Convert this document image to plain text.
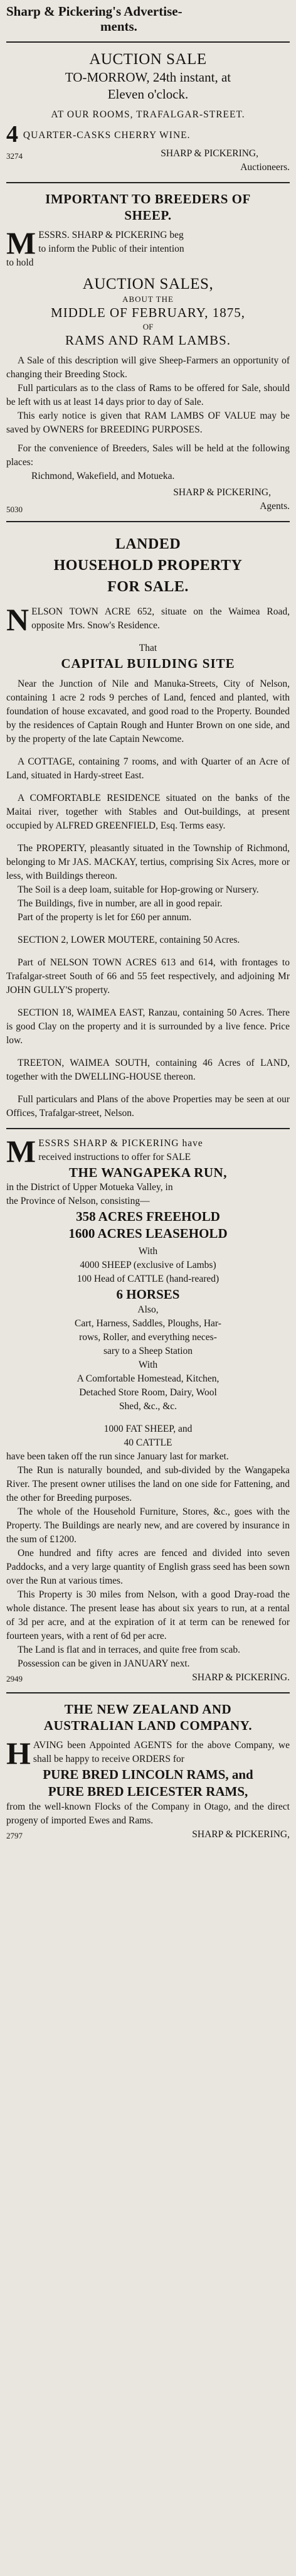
Sharp & Pickering's Advertise-

ments.

AUCTION SALE

TO-MORROW, 24th instant, at

Eleven o'clock.

AT OUR ROOMS, TRAFALGAR-STREET.

4 QUARTER-CASKS CHERRY WINE.

3274	SHARP & PICKERING,

Auctioneers.

IMPORTANT TO BREEDERS OF

SHEEP.

M ESSRS. SHARP & PICKERING beg
to inform the Public of their intention
to hold

AUCTION SALES,

ABOUT THE

MIDDLE OF FEBRUARY, 1875,

OF

RAMS AND RAM LAMBS.

A Sale of this description will give Sheep-Farmers an opportunity of changing their Breeding Stock.

Full particulars as to the class of Rams to be offered for Sale, should be left with us at least 14 days prior to day of Sale.

This early notice is given that RAM LAMBS OF VALUE may be saved by OWNERS for BREEDING PURPOSES.

For the convenience of Breeders, Sales will be held at the following places:

Richmond, Wakefield, and Motueka.

SHARP & PICKERING,

5030	Agents.

LANDED

HOUSEHOLD PROPERTY

FOR SALE.

N ELSON TOWN ACRE 652, situate on the Waimea Road, opposite Mrs. Snow's Residence.

That

CAPITAL BUILDING SITE

Near the Junction of Nile and Manuka-Streets, City of Nelson, containing 1 acre 2 rods 9 perches of Land, fenced and planted, with foundation of house excavated, and good road to the Property. Bounded by the residences of Captain Rough and Hunter Brown on one side, and by the property of the late Captain Newcome.

A COTTAGE, containing 7 rooms, and with Quarter of an Acre of Land, situated in Hardy-street East.

A COMFORTABLE RESIDENCE situated on the banks of the Maitai river, together with Stables and Out-buildings, at present occupied by ALFRED GREENFIELD, Esq. Terms easy.

The PROPERTY, pleasantly situated in the Township of Richmond, belonging to Mr JAS. MACKAY, tertius, comprising Six Acres, more or less, with Buildings thereon.

The Soil is a deep loam, suitable for Hop-growing or Nursery.

The Buildings, five in number, are all in good repair.

Part of the property is let for £60 per annum.

SECTION 2, LOWER MOUTERE, containing 50 Acres.

Part of NELSON TOWN ACRES 613 and 614, with frontages to Trafalgar-street South of 66 and 55 feet respectively, and adjoining Mr JOHN GULLY'S property.

SECTION 18, WAIMEA EAST, Ranzau, containing 50 Acres. There is good Clay on the property and it is surrounded by a live fence. Price low.

TREETON, WAIMEA SOUTH, containing 46 Acres of LAND, together with the DWELLING-HOUSE thereon.

Full particulars and Plans of the above Properties may be seen at our Offices, Trafalgar-street, Nelson.

M ESSRS SHARP & PICKERING have
received instructions to offer for SALE

THE WANGAPEKA RUN,

in the District of Upper Motueka Valley, in

the Province of Nelson, consisting—

358 ACRES FREEHOLD

1600 ACRES LEASEHOLD

With

4000 SHEEP (exclusive of Lambs)

100 Head of CATTLE (hand-reared)

6 HORSES

Also,

Cart, Harness, Saddles, Ploughs, Har-

rows, Roller, and everything neces-

sary to a Sheep Station

With

A Comfortable Homestead, Kitchen,

Detached Store Room, Dairy, Wool

Shed, &c., &c.

1000 FAT SHEEP, and

40 CATTLE

have been taken off the run since January last for market.

The Run is naturally bounded, and sub-divided by the Wangapeka River. The present owner utilises the land on one side for Fattening, and the other for Breeding purposes.

The whole of the Household Furniture, Stores, &c., goes with the Property. The Buildings are nearly new, and are covered by insurance in the sum of £1200.

One hundred and fifty acres are fenced and divided into seven Paddocks, and a very large quantity of English grass seed has been sown over the Run at various times.

This Property is 30 miles from Nelson, with a good Dray-road the whole distance. The present lease has about six years to run, at a rental of 3d per acre, and at the expiration of it at term can be renewed for fourteen years, with a rent of 6d per acre.

The Land is flat and in terraces, and quite free from scab.

Possession can be given in JANUARY next.

2949	SHARP & PICKERING.

THE NEW ZEALAND AND

AUSTRALIAN LAND COMPANY.

H AVING been Appointed AGENTS for the above Company, we shall be happy to receive ORDERS for

PURE BRED LINCOLN RAMS, and

PURE BRED LEICESTER RAMS,

from the well-known Flocks of the Company in Otago, and the direct progeny of imported Ewes and Rams.

2797	SHARP & PICKERING,
